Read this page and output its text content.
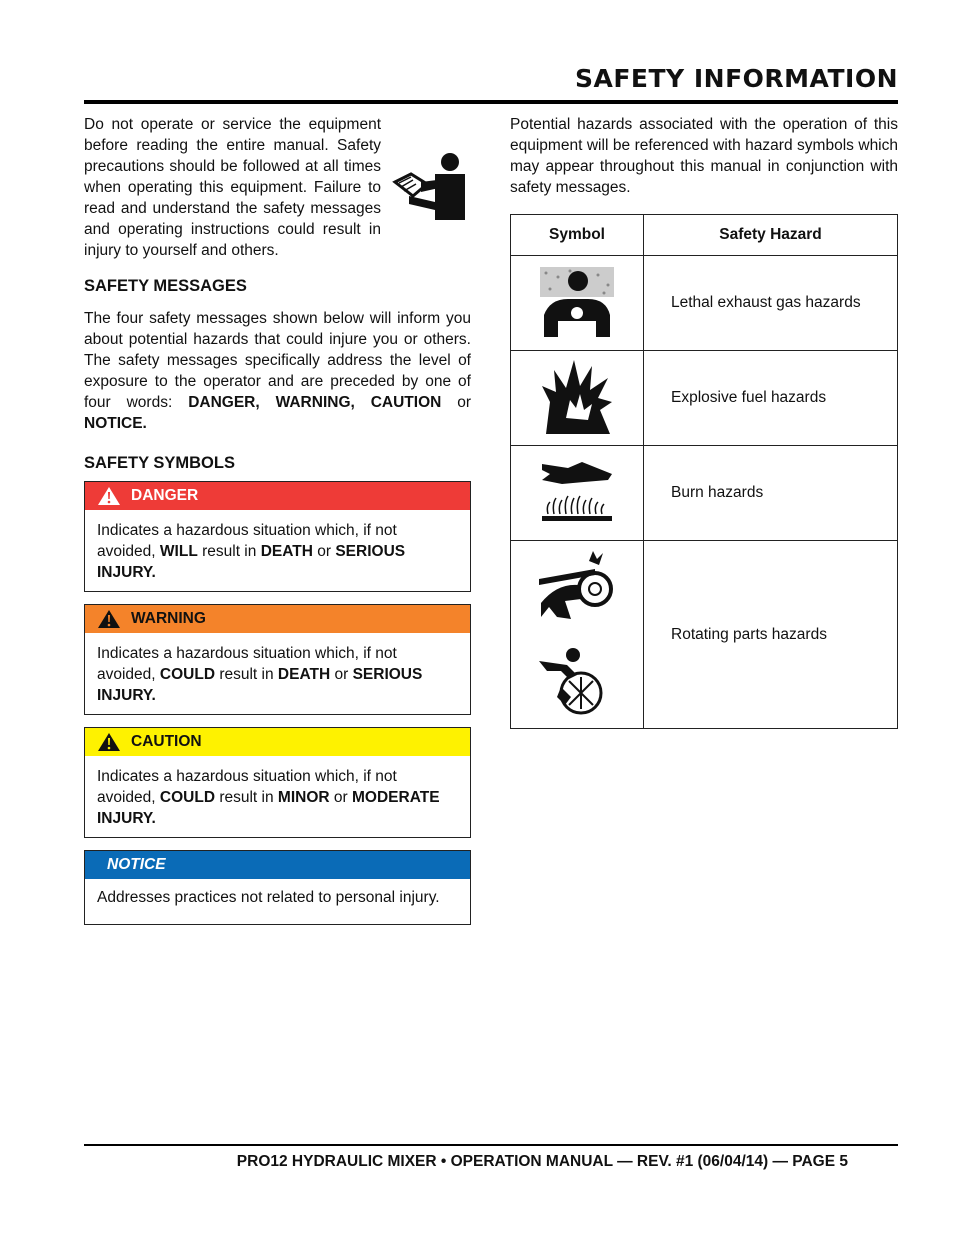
SAFETY INFORMATION

Do not operate or service the equipment before reading the entire manual. Safety precautions should be followed at all times when operating this equipment. Failure to read and understand the safety messages and operating instructions could result in injury to yourself and others.

SAFETY MESSAGES

The four safety messages shown below will inform you about potential hazards that could injure you or others. The safety messages specifically address the level of exposure to the operator and are preceded by one of four words: DANGER, WARNING, CAUTION or NOTICE.

SAFETY SYMBOLS
DANGER
Indicates a hazardous situation which, if not avoided, WILL result in DEATH or SERIOUS INJURY.
WARNING
Indicates a hazardous situation which, if not avoided, COULD result in DEATH or SERIOUS INJURY.
CAUTION
Indicates a hazardous situation which, if not avoided, COULD result in MINOR or MODERATE INJURY.
NOTICE
Addresses practices not related to personal injury.

Potential hazards associated with the operation of this equipment will be referenced with hazard symbols which may appear throughout this manual in conjunction with safety messages.

Symbol	Safety Hazard
	Lethal exhaust gas hazards
	Explosive fuel hazards
	Burn hazards
	Rotating parts hazards
PRO12 HYDRAULIC MIXER • OPERATION MANUAL — REV. #1 (06/04/14) — PAGE 5
